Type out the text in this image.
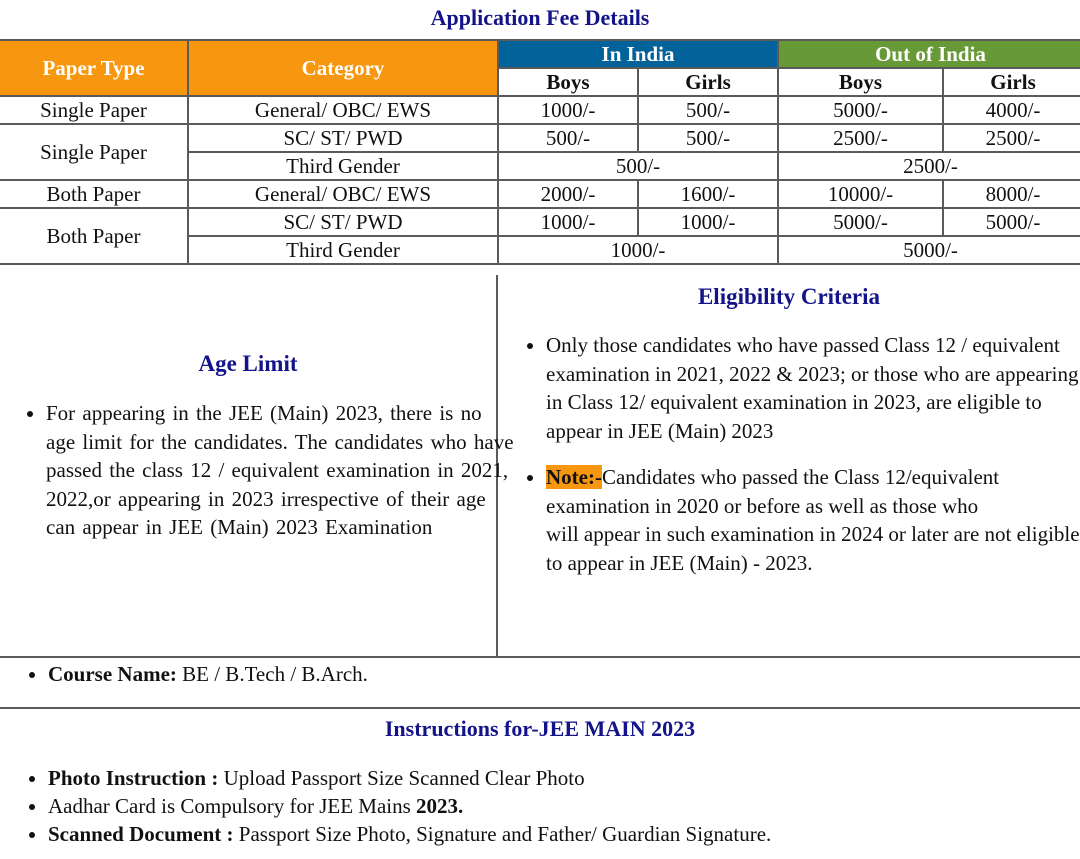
Application Fee Details
Paper Type	Category	In India		Out of India	
		Boys	Girls	Boys	Girls
Single Paper	General/ OBC/ EWS	1000/-	500/-	5000/-	4000/-
Single Paper	SC/ ST/ PWD	500/-	500/-	2500/-	2500/-
	Third Gender	500/-		2500/-	
Both Paper	General/ OBC/ EWS	2000/-	1600/-	10000/-	8000/-
Both Paper	SC/ ST/ PWD	1000/-	1000/-	5000/-	5000/-
	Third Gender	1000/-		5000/-	
Age Limit
• For appearing in the JEE (Main) 2023, there is no age limit for the candidates. The candidates who have passed the class 12 / equivalent examination in 2021, 2022,or appearing in 2023 irrespective of their age can appear in JEE (Main) 2023 Examination
Eligibility Criteria
• Only those candidates who have passed Class 12 / equivalent examination in 2021, 2022 & 2023; or those who are appearing in Class 12/ equivalent examination in 2023, are eligible to appear in JEE (Main) 2023
• Note:-Candidates who passed the Class 12/equivalent examination in 2020 or before as well as those who
will appear in such examination in 2024 or later are not eligible to appear in JEE (Main) - 2023.
• Course Name: BE / B.Tech / B.Arch.
Instructions for-JEE MAIN 2023
• Photo Instruction : Upload Passport Size Scanned Clear Photo
• Aadhar Card is Compulsory for JEE Mains 2023.
• Scanned Document : Passport Size Photo, Signature and Father/ Guardian Signature.
